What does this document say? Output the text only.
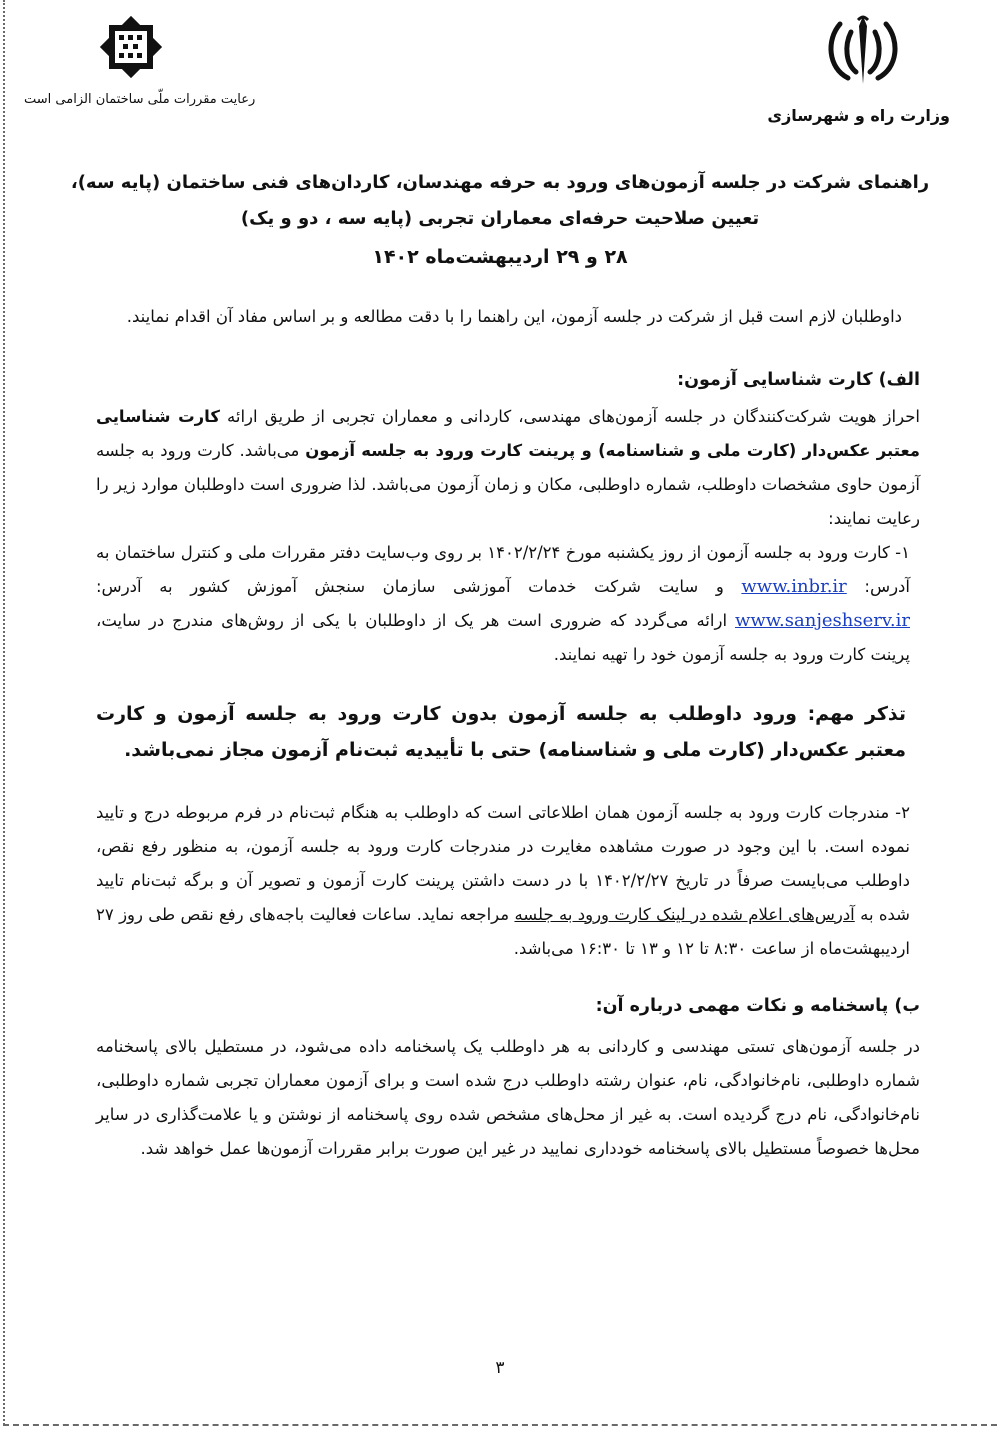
وزارت راه و شهرسازی
رعایت مقررات ملّی ساختمان الزامی است

راهنمای شرکت در جلسه آزمون‌های ورود به حرفه مهندسان، کاردان‌های فنی ساختمان (پایه سه)،

تعیین صلاحیت حرفه‌ای معماران تجربی (پایه سه ، دو و یک)

۲۸ و ۲۹ اردیبهشت‌ماه ۱۴۰۲

داوطلبان لازم است قبل از شرکت در جلسه آزمون، این راهنما را با دقت مطالعه و بر اساس مفاد آن اقدام نمایند.

الف) کارت شناسایی آزمون:

احراز هویت شرکت‌کنندگان در جلسه آزمون‌های مهندسی، کاردانی و معماران تجربی از طریق ارائه کارت شناسایی معتبر عکس‌دار (کارت ملی و شناسنامه) و پرینت کارت ورود به جلسه آزمون می‌باشد. کارت ورود به جلسه آزمون حاوی مشخصات داوطلب، شماره داوطلبی، مکان و زمان آزمون می‌باشد. لذا ضروری است داوطلبان موارد زیر را رعایت نمایند:

۱- کارت ورود به جلسه آزمون از روز یکشنبه مورخ ۱۴۰۲/۲/۲۴ بر روی وب‌سایت دفتر مقررات ملی و کنترل ساختمان به آدرس: www.inbr.ir و سایت شرکت خدمات آموزشی سازمان سنجش آموزش کشور به آدرس: www.sanjeshserv.ir ارائه می‌گردد که ضروری است هر یک از داوطلبان با یکی از روش‌های مندرج در سایت، پرینت کارت ورود به جلسه آزمون خود را تهیه نمایند.

تذکر مهم: ورود داوطلب به جلسه آزمون بدون کارت ورود به جلسه آزمون و کارت معتبر عکس‌دار (کارت ملی و شناسنامه) حتی با تأییدیه ثبت‌نام آزمون مجاز نمی‌باشد.

۲- مندرجات کارت ورود به جلسه آزمون همان اطلاعاتی است که داوطلب به هنگام ثبت‌نام در فرم مربوطه درج و تایید نموده است. با این وجود در صورت مشاهده مغایرت در مندرجات کارت ورود به جلسه آزمون، به منظور رفع نقص، داوطلب می‌بایست صرفاً در تاریخ ۱۴۰۲/۲/۲۷ با در دست داشتن پرینت کارت آزمون و تصویر آن و برگه ثبت‌نام تایید شده به آدرس‌های اعلام شده در لینک کارت ورود به جلسه مراجعه نماید. ساعات فعالیت باجه‌های رفع نقص طی روز ۲۷ اردیبهشت‌ماه از ساعت ۸:۳۰ تا ۱۲ و ۱۳ تا ۱۶:۳۰ می‌باشد.

ب) پاسخنامه و نکات مهمی درباره آن:

در جلسه آزمون‌های تستی مهندسی و کاردانی به هر داوطلب یک پاسخنامه داده می‌شود، در مستطیل بالای پاسخنامه شماره داوطلبی، نام‌خانوادگی، نام، عنوان رشته داوطلب درج شده است و برای آزمون معماران تجربی شماره داوطلبی، نام‌خانوادگی، نام درج گردیده است. به غیر از محل‌های مشخص شده روی پاسخنامه از نوشتن و یا علامت‌گذاری در سایر محل‌ها خصوصاً مستطیل بالای پاسخنامه خودداری نمایید در غیر این صورت برابر مقررات آزمون‌ها عمل خواهد شد.

۳
